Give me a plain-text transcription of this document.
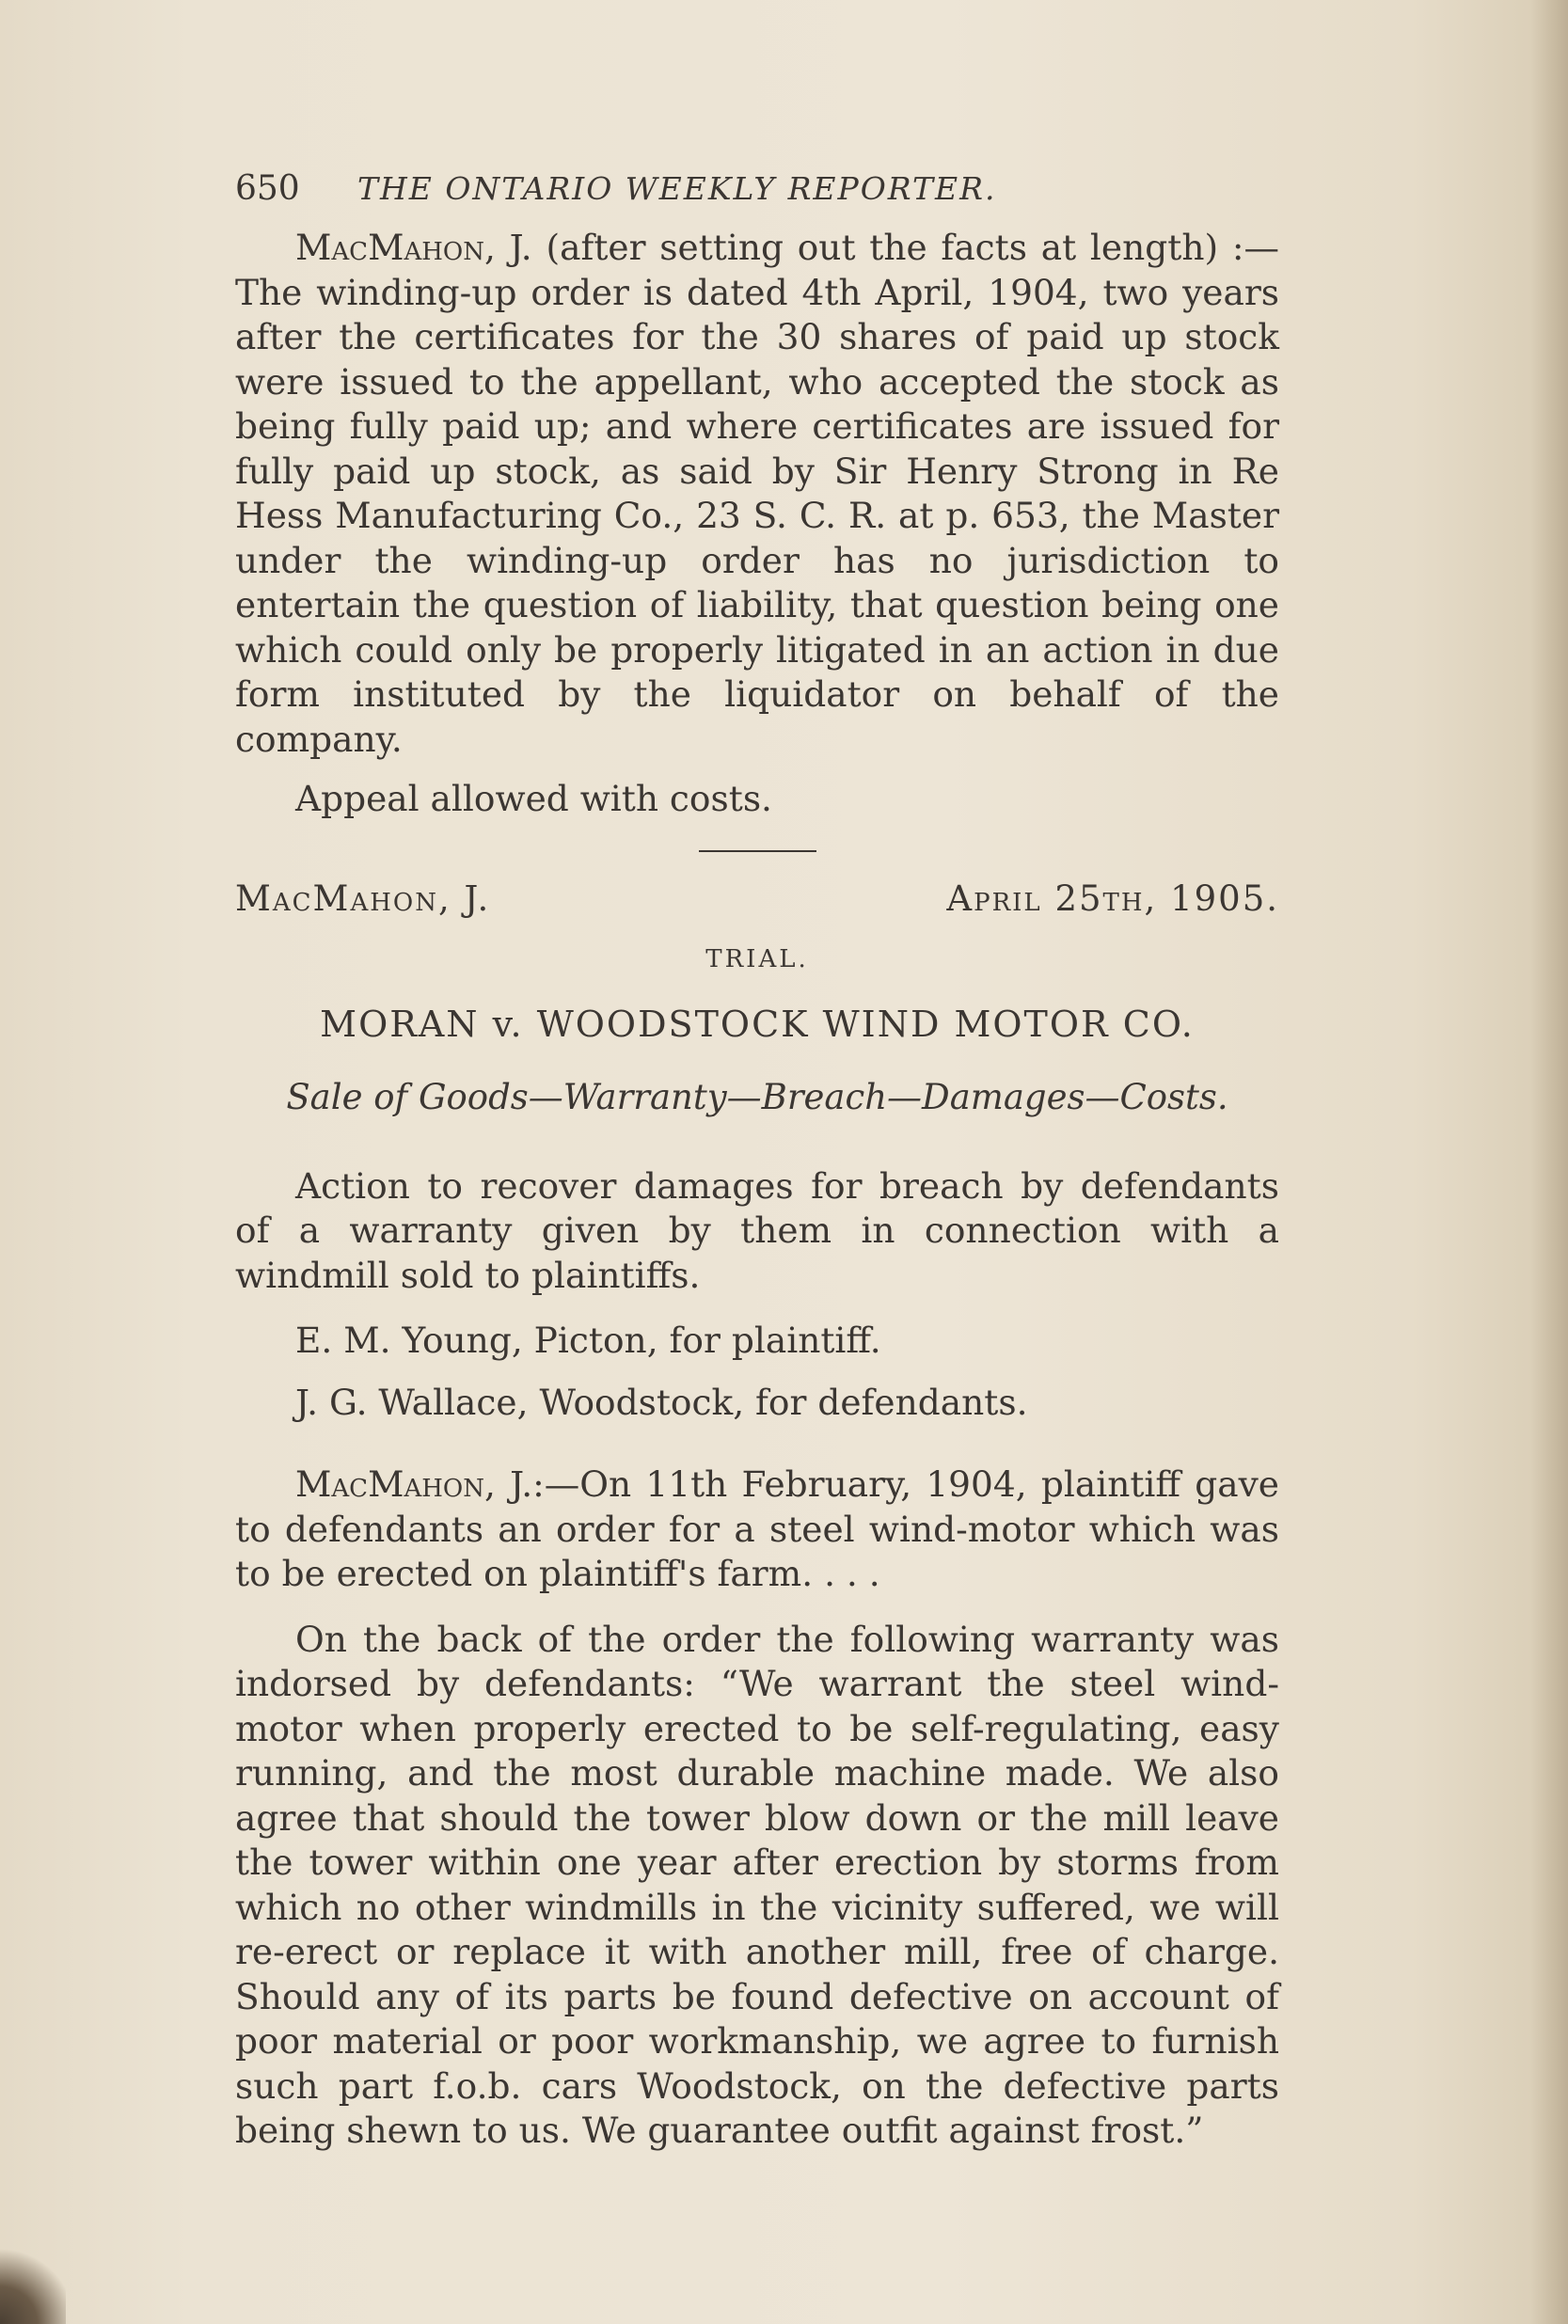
650	THE ONTARIO WEEKLY REPORTER.

MacMahon, J. (after setting out the facts at length) :— The winding-up order is dated 4th April, 1904, two years after the certificates for the 30 shares of paid up stock were issued to the appellant, who accepted the stock as being fully paid up; and where certificates are issued for fully paid up stock, as said by Sir Henry Strong in Re Hess Manufacturing Co., 23 S. C. R. at p. 653, the Master under the winding-up order has no jurisdiction to entertain the question of liability, that question being one which could only be properly litigated in an action in due form instituted by the liquidator on behalf of the company.

Appeal allowed with costs.

MacMahon, J.	April 25th, 1905.
TRIAL.
MORAN v. WOODSTOCK WIND MOTOR CO.
Sale of Goods—Warranty—Breach—Damages—Costs.

Action to recover damages for breach by defendants of a warranty given by them in connection with a windmill sold to plaintiffs.

E. M. Young, Picton, for plaintiff.
J. G. Wallace, Woodstock, for defendants.

MacMahon, J.:—On 11th February, 1904, plaintiff gave to defendants an order for a steel wind-motor which was to be erected on plaintiff's farm. . . .

On the back of the order the following warranty was indorsed by defendants: “We warrant the steel wind-motor when properly erected to be self-regulating, easy running, and the most durable machine made. We also agree that should the tower blow down or the mill leave the tower within one year after erection by storms from which no other windmills in the vicinity suffered, we will re-erect or replace it with another mill, free of charge. Should any of its parts be found defective on account of poor material or poor workmanship, we agree to furnish such part f.o.b. cars Woodstock, on the defective parts being shewn to us. We guarantee outfit against frost.”
